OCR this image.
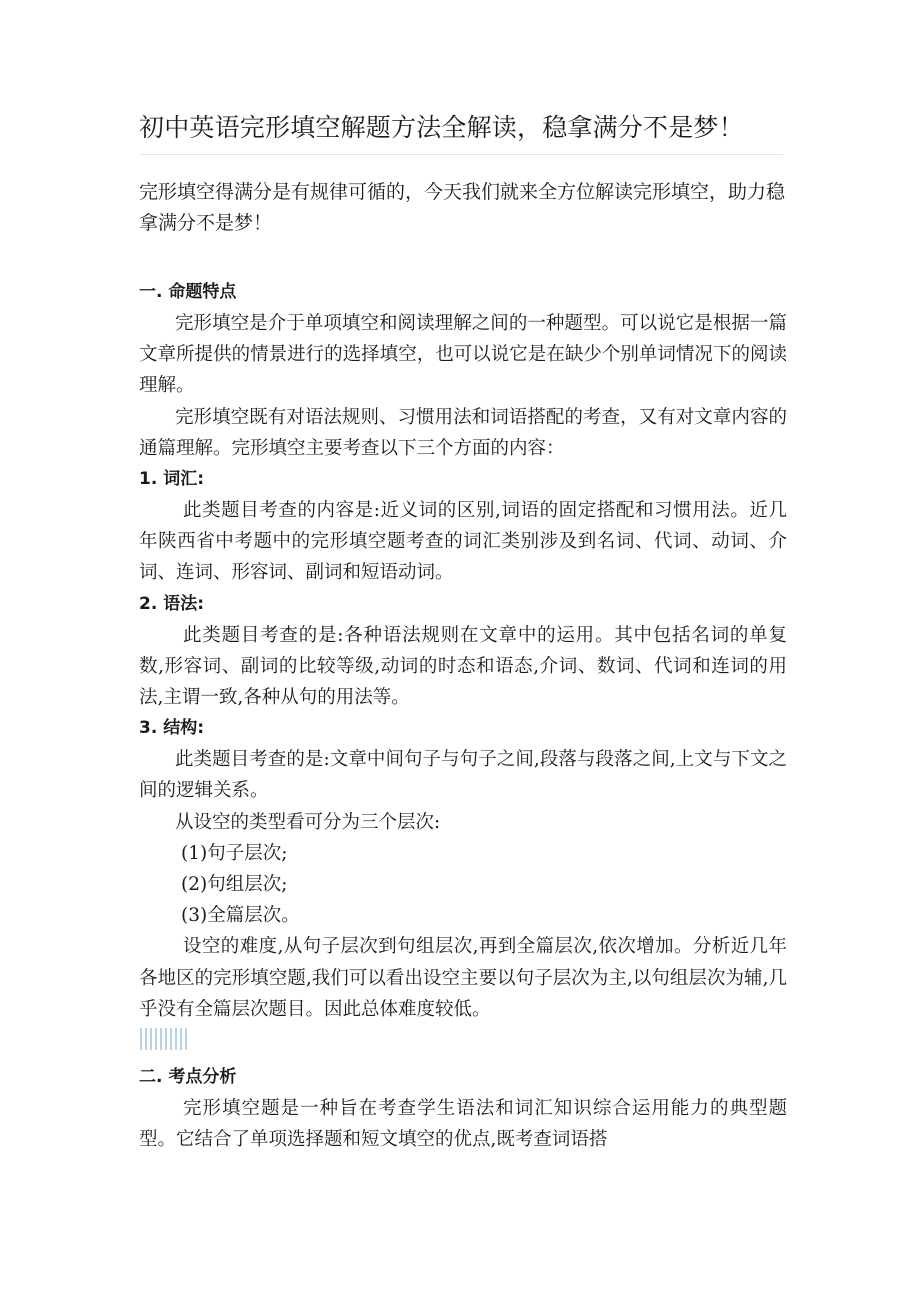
初中英语完形填空解题方法全解读，稳拿满分不是梦！

完形填空得满分是有规律可循的，今天我们就来全方位解读完形填空，助力稳拿满分不是梦！

一. 命题特点

完形填空是介于单项填空和阅读理解之间的一种题型。可以说它是根据一篇文章所提供的情景进行的选择填空，也可以说它是在缺少个别单词情况下的阅读理解。

完形填空既有对语法规则、习惯用法和词语搭配的考查，又有对文章内容的通篇理解。完形填空主要考查以下三个方面的内容：

1. 词汇:

此类题目考查的内容是:近义词的区别,词语的固定搭配和习惯用法。近几年陕西省中考题中的完形填空题考查的词汇类别涉及到名词、代词、动词、介词、连词、形容词、副词和短语动词。

2. 语法:

此类题目考查的是:各种语法规则在文章中的运用。其中包括名词的单复数,形容词、副词的比较等级,动词的时态和语态,介词、数词、代词和连词的用法,主谓一致,各种从句的用法等。

3. 结构:

此类题目考查的是:文章中间句子与句子之间,段落与段落之间,上文与下文之间的逻辑关系。

从设空的类型看可分为三个层次:

(1)句子层次;

(2)句组层次;

(3)全篇层次。

设空的难度,从句子层次到句组层次,再到全篇层次,依次增加。分析近几年各地区的完形填空题,我们可以看出设空主要以句子层次为主,以句组层次为辅,几乎没有全篇层次题目。因此总体难度较低。

二. 考点分析

完形填空题是一种旨在考查学生语法和词汇知识综合运用能力的典型题型。它结合了单项选择题和短文填空的优点,既考查词语搭
